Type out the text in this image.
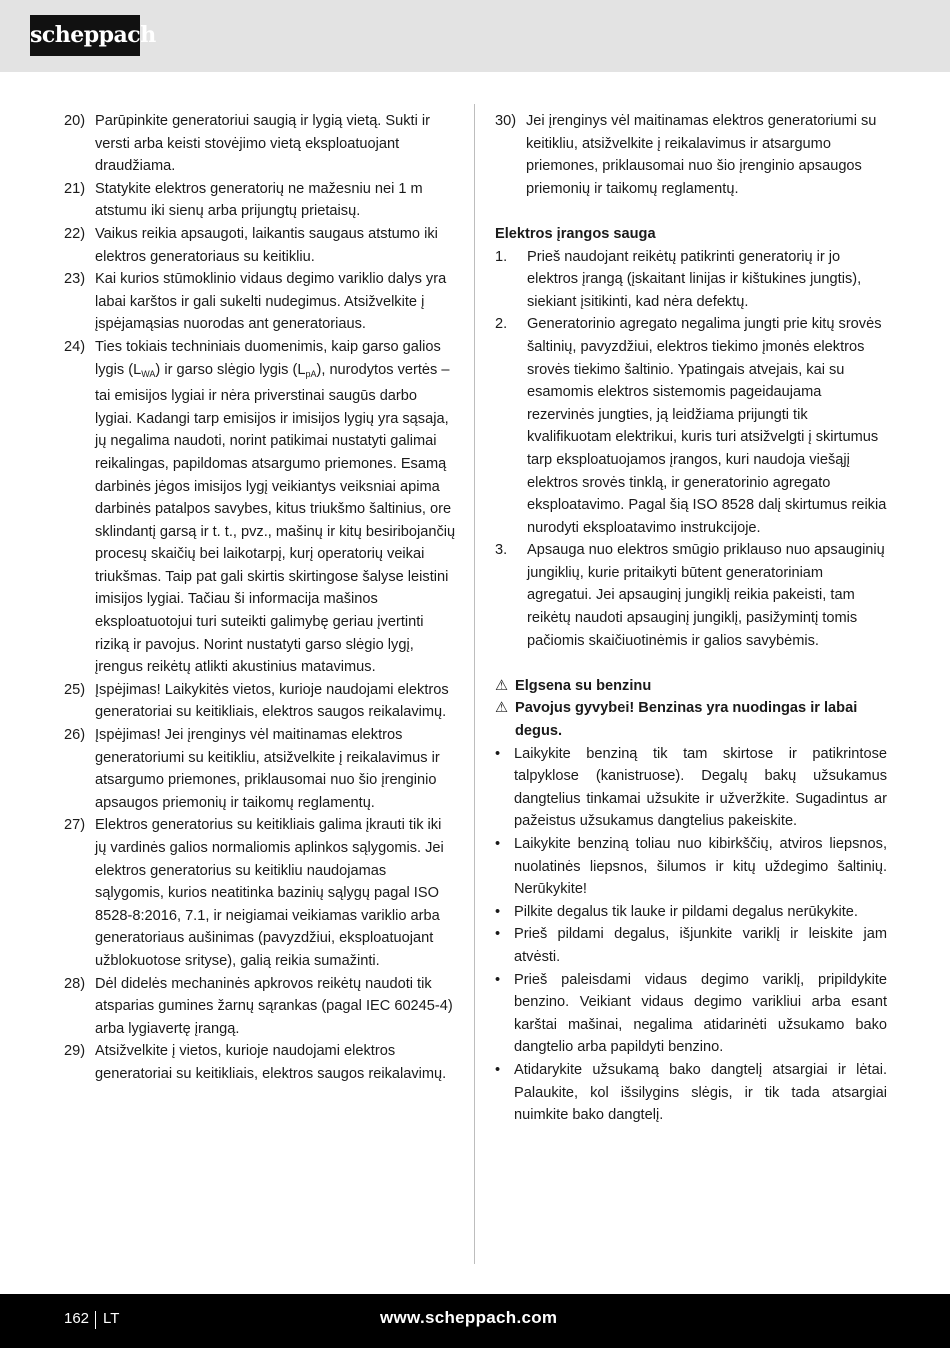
scheppach
20) Parūpinkite generatoriui saugią ir lygią vietą. Sukti ir versti arba keisti stovėjimo vietą eksploatuojant draudžiama.
21) Statykite elektros generatorių ne mažesniu nei 1 m atstumu iki sienų arba prijungtų prietaisų.
22) Vaikus reikia apsaugoti, laikantis saugaus atstumo iki elektros generatoriaus su keitikliu.
23) Kai kurios stūmoklinio vidaus degimo variklio dalys yra labai karštos ir gali sukelti nudegimus. Atsižvelkite į įspėjamąsias nuorodas ant generatoriaus.
24) Ties tokiais techniniais duomenimis, kaip garso galios lygis $(L_{WA})$ ir garso slėgio lygis $(L_{pA})$, nurodytos vertės – tai emisijos lygiai ir nėra priverstinai saugūs darbo lygiai. Kadangi tarp emisijos ir imisijos lygių yra sąsaja, jų negalima naudoti, norint patikimai nustatyti galimai reikalingas, papildomas atsargumo priemones. Esamą darbinės jėgos imisijos lygį veikiantys veiksniai apima darbinės patalpos savybes, kitus triukšmo šaltinius, ore sklindantį garsą ir t. t., pvz., mašinų ir kitų besiribojančių procesų skaičių bei laikotarpį, kurį operatorių veikai triukšmas. Taip pat gali skirtis skirtingose šalyse leistini imisijos lygiai. Tačiau ši informacija mašinos eksploatuotojui turi suteikti galimybę geriau įvertinti riziką ir pavojus. Norint nustatyti garso slėgio lygį, įrengus reikėtų atlikti akustinius matavimus.
25) Įspėjimas! Laikykitės vietos, kurioje naudojami elektros generatoriai su keitikliais, elektros saugos reikalavimų.
26) Įspėjimas! Jei įrenginys vėl maitinamas elektros generatoriumi su keitikliu, atsižvelkite į reikalavimus ir atsargumo priemones, priklausomai nuo šio įrenginio apsaugos priemonių ir taikomų reglamentų.
27) Elektros generatorius su keitikliais galima įkrauti tik iki jų vardinės galios normaliomis aplinkos sąlygomis. Jei elektros generatorius su keitikliu naudojamas sąlygomis, kurios neatitinka bazinių sąlygų pagal ISO 8528-8:2016, 7.1, ir neigiamai veikiamas variklio arba generatoriaus aušinimas (pavyzdžiui, eksploatuojant užblokuotose srityse), galią reikia sumažinti.
28) Dėl didelės mechaninės apkrovos reikėtų naudoti tik atsparias gumines žarnų sąrankas (pagal IEC 60245-4) arba lygiavertę įrangą.
29) Atsižvelkite į vietos, kurioje naudojami elektros generatoriai su keitikliais, elektros saugos reikalavimų.
30) Jei įrenginys vėl maitinamas elektros generatoriumi su keitikliu, atsižvelkite į reikalavimus ir atsargumo priemones, priklausomai nuo šio įrenginio apsaugos priemonių ir taikomų reglamentų.
Elektros įrangos sauga
1.	Prieš naudojant reikėtų patikrinti generatorių ir jo elektros įrangą (įskaitant linijas ir kištukines jungtis), siekiant įsitikinti, kad nėra defektų.
2.	Generatorinio agregato negalima jungti prie kitų srovės šaltinių, pavyzdžiui, elektros tiekimo įmonės elektros srovės tiekimo šaltinio. Ypatingais atvejais, kai su esamomis elektros sistemomis pageidaujama rezervinės jungties, ją leidžiama prijungti tik kvalifikuotam elektrikui, kuris turi atsižvelgti į skirtumus tarp eksploatuojamos įrangos, kuri naudoja viešąjį elektros srovės tinklą, ir generatorinio agregato eksploatavimo. Pagal šią ISO 8528 dalį skirtumus reikia nurodyti eksploatavimo instrukcijoje.
3.	Apsauga nuo elektros smūgio priklauso nuo apsauginių jungiklių, kurie pritaikyti būtent generatoriniam agregatui. Jei apsauginį jungiklį reikia pakeisti, tam reikėtų naudoti apsauginį jungiklį, pasižymintį tomis pačiomis skaičiuotinėmis ir galios savybėmis.
⚠ Elgsena su benzinu
⚠ Pavojus gyvybei! Benzinas yra nuodingas ir labai degus.
• Laikykite benziną tik tam skirtose ir patikrintose talpyklose (kanistruose). Degalų bakų užsukamus dangtelius tinkamai užsukite ir užveržkite. Sugadintus ar pažeistus užsukamus dangtelius pakeiskite.
• Laikykite benziną toliau nuo kibirkščių, atviros liepsnos, nuolatinės liepsnos, šilumos ir kitų uždegimo šaltinių. Nerūkykite!
• Pilkite degalus tik lauke ir pildami degalus nerūkykite.
• Prieš pildami degalus, išjunkite variklį ir leiskite jam atvėsti.
• Prieš paleisdami vidaus degimo variklį, pripildykite benzino. Veikiant vidaus degimo varikliui arba esant karštai mašinai, negalima atidarinėti užsukamo bako dangtelio arba papildyti benzino.
• Atidarykite užsukamą bako dangtelį atsargiai ir lėtai. Palaukite, kol išsilygins slėgis, ir tik tada atsargiai nuimkite bako dangtelį.
162 LT	www.scheppach.com
